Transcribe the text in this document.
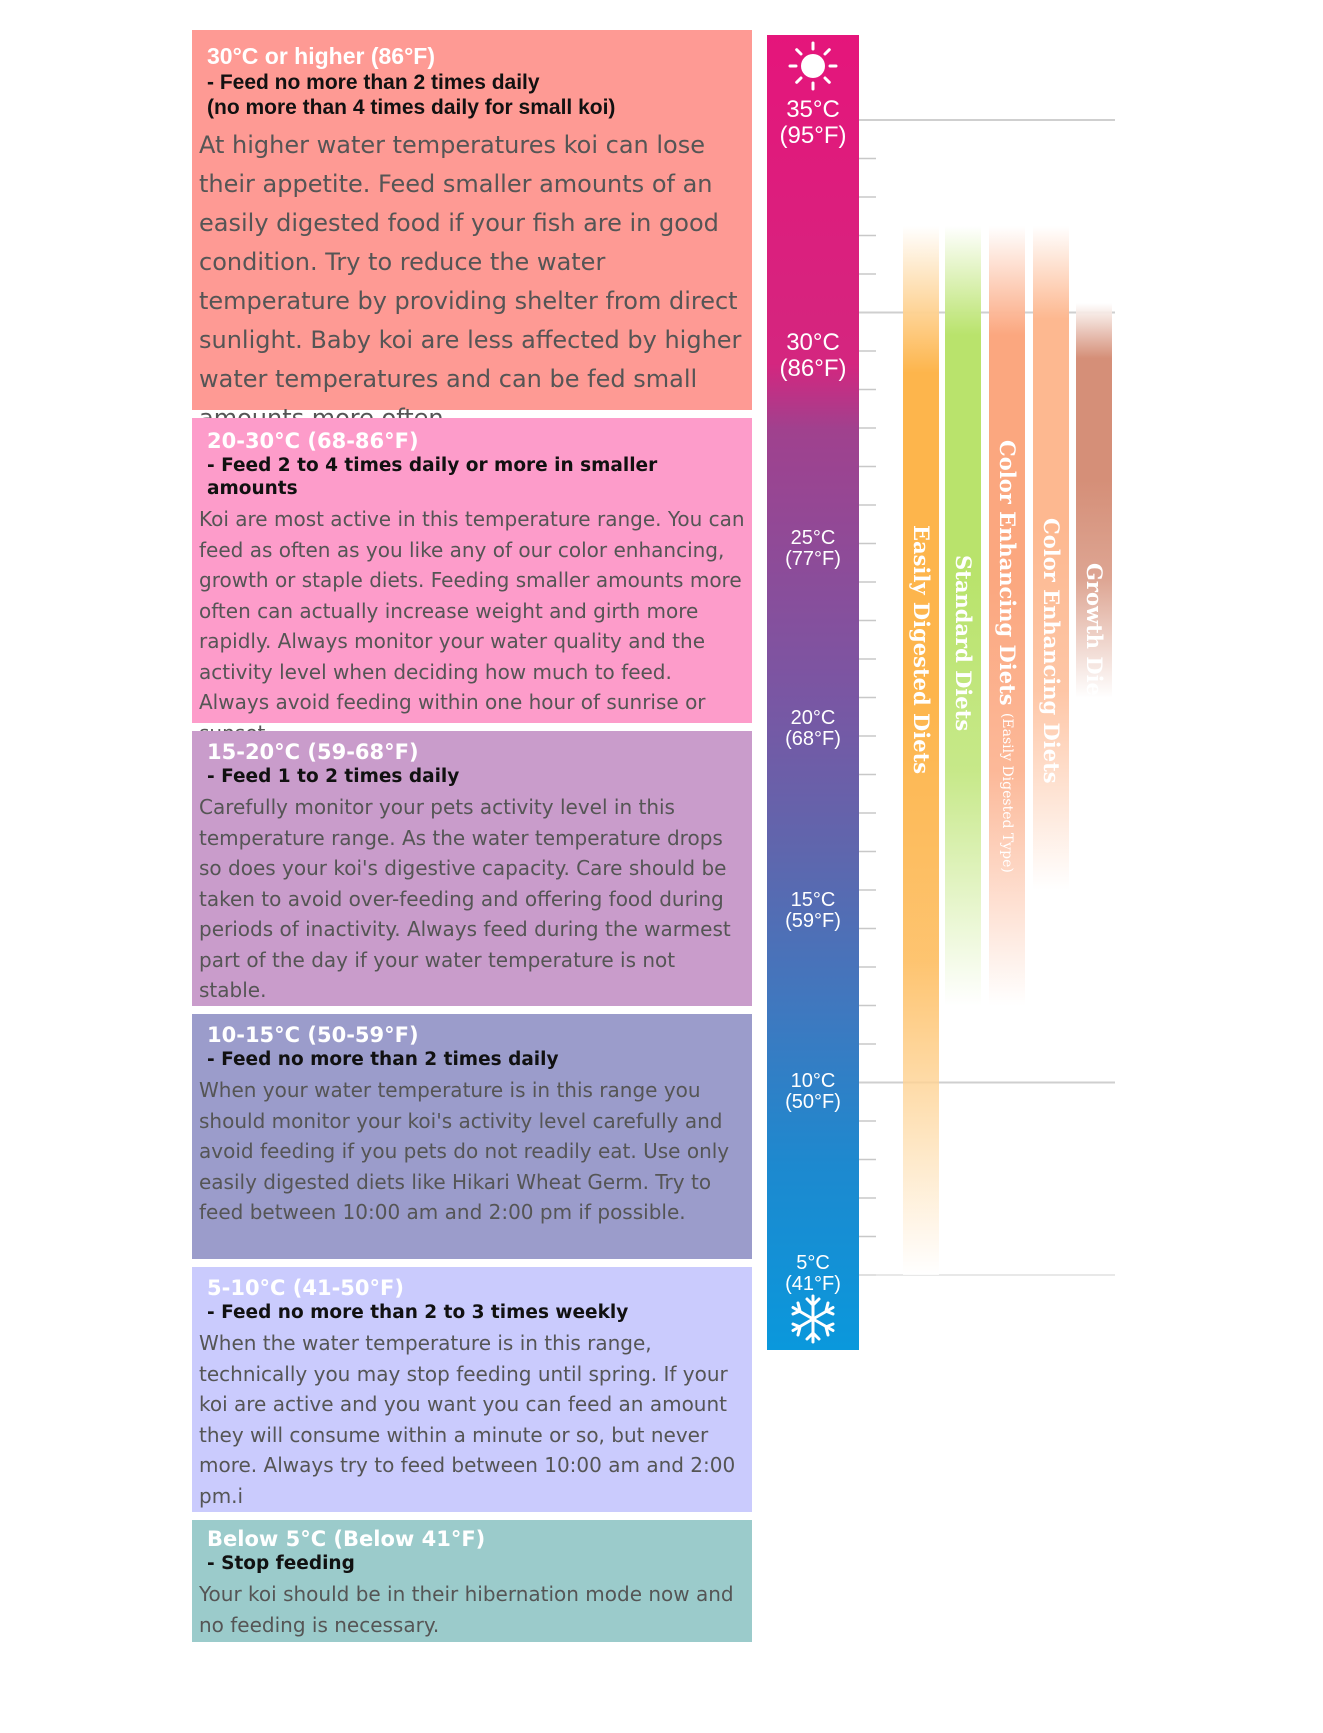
30°C or higher (86°F)
- Feed no more than 2 times daily
(no more than 4 times daily for small koi)
At higher water temperatures koi can lose their appetite. Feed smaller amounts of an easily digested food if your fish are in good condition. Try to reduce the water temperature by providing shelter from direct sunlight. Baby koi are less affected by higher water temperatures and can be fed small
20-30°C (68-86°F)
- Feed 2 to 4 times daily or more in smaller amounts
Koi are most active in this temperature range. You can feed as often as you like any of our color enhancing, growth or staple diets. Feeding smaller amounts more often can actually increase weight and girth more rapidly. Always monitor your water quality and the activity level when deciding how much to feed. Always avoid feeding within one hour of sunrise or
15-20°C (59-68°F)
- Feed 1 to 2 times daily
Carefully monitor your pets activity level in this temperature range. As the water temperature drops so does your koi's digestive capacity. Care should be taken to avoid over-feeding and offering food during periods of inactivity. Always feed during the warmest part of the day if your water temperature is not stable.
10-15°C (50-59°F)
- Feed no more than 2 times daily
When your water temperature is in this range you should monitor your koi's activity level carefully and avoid feeding if you pets do not readily eat. Use only easily digested diets like Hikari Wheat Germ. Try to feed between 10:00 am and 2:00 pm if possible.
5-10°C (41-50°F)
- Feed no more than 2 to 3 times weekly
When the water temperature is in this range, technically you may stop feeding until spring. If your koi are active and you want you can feed an amount they will consume within a minute or so, but never more. Always try to feed between 10:00 am and 2:00 pm.i
Below 5°C (Below 41°F)
- Stop feeding
Your koi should be in their hibernation mode now and no feeding is necessary.
35°C
(95°F)
30°C
(86°F)
25°C
(77°F)
20°C
(68°F)
15°C
(59°F)
10°C
(50°F)
5°C
(41°F)
Easily Digested Diets Standard Diets Color Enhancing Diets (Easily Digested Type)
Color Enhancing Diets Growth Diets
